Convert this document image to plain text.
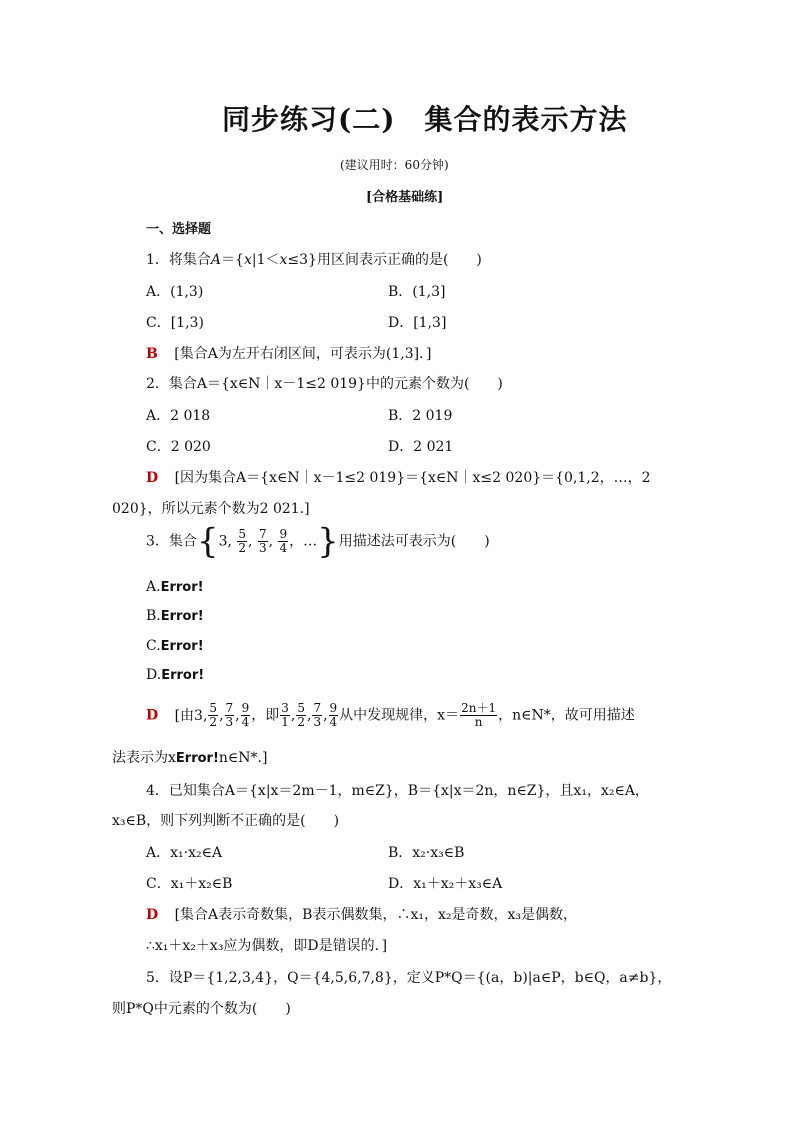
同步练习(二)　集合的表示方法
(建议用时：60分钟)
[合格基础练]
一、选择题
1．将集合A＝{x|1＜x≤3}用区间表示正确的是(　　)
A．(1,3)	B．(1,3]
C．[1,3)	D．[1,3]
B [集合A为左开右闭区间，可表示为(1,3]．]
2．集合A＝{x∈N｜x－1≤2 019}中的元素个数为(　　)
A．2 018	B．2 019
C．2 020	D．2 021
D [因为集合A＝{x∈N｜x－1≤2 019}＝{x∈N｜x≤2 020}＝{0,1,2，…，2
020}，所以元素个数为2 021.]
3．集合{3, $\frac{5}{2}$ , $\frac{7}{3}$ , $\frac{9}{4}$ ，…}用描述法可表示为(　　)
A.Error!
B.Error!
C.Error!
D.Error!
D [由3, $\frac{5}{2}$ , $\frac{7}{3}$ , $\frac{9}{4}$ ，即 $\frac{3}{1}$ , $\frac{5}{2}$ , $\frac{7}{3}$ , $\frac{9}{4}$ 从中发现规律，$x= \frac{2n+1}{n}$ ，n∈N*，故可用描述
法表示为xError!n∈N*.]
4．已知集合A＝{x|x＝2m－1，m∈Z}，B＝{x|x＝2n，n∈Z}，且x₁，x₂∈A，
x₃∈B，则下列判断不正确的是(　　)
A．x₁·x₂∈A	B．x₂·x₃∈B
C．x₁＋x₂∈B	D．x₁＋x₂＋x₃∈A
D [集合A表示奇数集，B表示偶数集，∴x₁，x₂是奇数，x₃是偶数，
∴x₁＋x₂＋x₃应为偶数，即D是错误的．]
5．设P＝{1,2,3,4}，Q＝{4,5,6,7,8}，定义P*Q＝{(a，b)|a∈P，b∈Q，a≠b}，
则P*Q中元素的个数为(　　)
